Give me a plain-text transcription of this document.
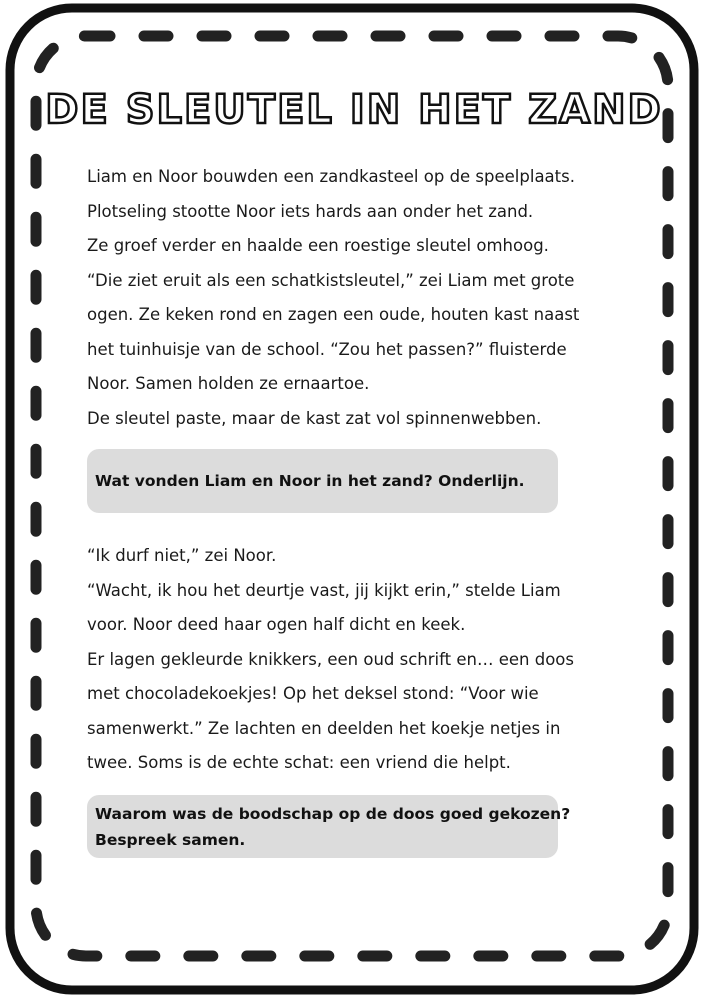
DE SLEUTEL IN HET ZAND
Liam en Noor bouwden een zandkasteel op de speelplaats.
Plotseling stootte Noor iets hards aan onder het zand.
Ze groef verder en haalde een roestige sleutel omhoog.
“Die ziet eruit als een schatkistsleutel,” zei Liam met grote
ogen. Ze keken rond en zagen een oude, houten kast naast
het tuinhuisje van de school. “Zou het passen?” fluisterde
Noor. Samen holden ze ernaartoe.
De sleutel paste, maar de kast zat vol spinnenwebben.
Wat vonden Liam en Noor in het zand? Onderlijn.
“Ik durf niet,” zei Noor.
“Wacht, ik hou het deurtje vast, jij kijkt erin,” stelde Liam
voor. Noor deed haar ogen half dicht en keek.
Er lagen gekleurde knikkers, een oud schrift en… een doos
met chocoladekoekjes! Op het deksel stond: “Voor wie
samenwerkt.” Ze lachten en deelden het koekje netjes in
twee. Soms is de echte schat: een vriend die helpt.
Waarom was de boodschap op de doos goed gekozen?
Bespreek samen.
